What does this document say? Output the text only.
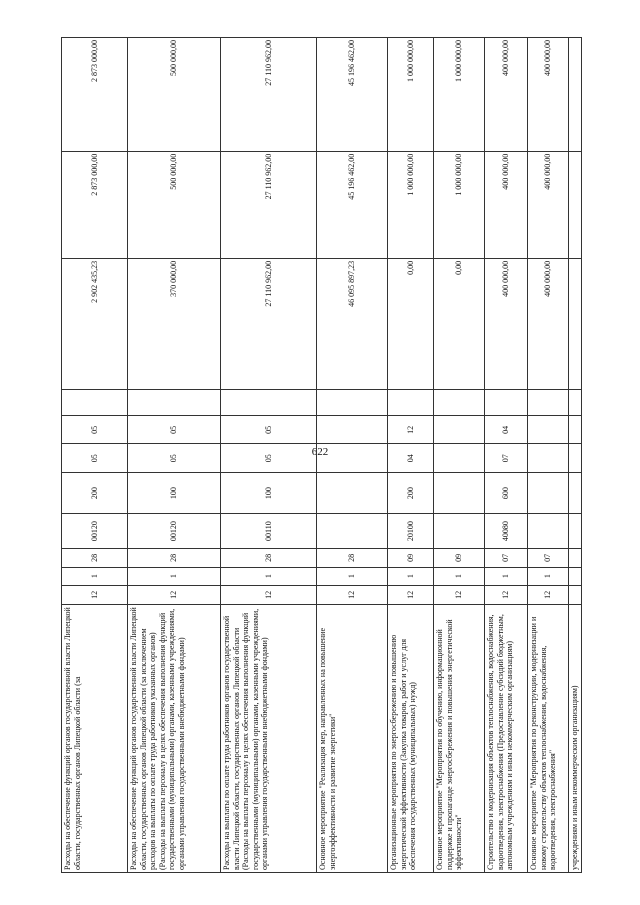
622
Расходы на обеспечение функций органов государственной власти Липецкой области, государственных органов Липецкой области (за	12	1	28	00120	200	05	05		2 902 435,23	2 873 000,00	2 873 000,00
Расходы на обеспечение функций органов государственной власти Липецкой области, государственных органов Липецкой области (за исключением расходов на выплаты по оплате труда работников указанных органов) (Расходы на выплаты персоналу в целях обеспечения выполнения функций государственными (муниципальными) органами, казенными учреждениями, органами управления государственными внебюджетными фондами)	12	1	28	00120	100	05	05		370 000,00	500 000,00	500 000,00
Расходы на выплаты по оплате труда работников органов государственной власти Липецкой области, государственных органов Липецкой области (Расходы на выплаты персоналу в целях обеспечения выполнения функций государственными (муниципальными) органами, казенными учреждениями, органами управления государственными внебюджетными фондами)	12	1	28	00110	100	05	05		27 110 962,00	27 110 962,00	27 110 962,00
Основное мероприятие "Реализация мер, направленных на повышение энергоэффективности и развитие энергетики"	12	1	28						46 095 897,23	45 196 462,00	45 196 462,00
Организационные мероприятия по энергосбережению и повышению энергетической эффективности (Закупка товаров, работ и услуг для обеспечения государственных (муниципальных) нужд)	12	1	09	20100	200	04	12		0,00	1 000 000,00	1 000 000,00
Основное мероприятие "Мероприятия по обучению, информационной поддержке и пропаганде энергосбережения и повышения энергетической эффективности"	12	1	09						0,00	1 000 000,00	1 000 000,00
Строительство и модернизация объектов теплоснабжения, водоснабжения, водоотведения, электроснабжения (Предоставление субсидий бюджетным, автономным учреждениям и иным некоммерческим организациям)	12	1	07	40080	600	07	04		400 000,00	400 000,00	400 000,00
Основное мероприятие "Мероприятия по реконструкции, модернизации и новому строительству объектов теплоснабжения, водоснабжения, водоотведения, электроснабжения"	12	1	07						400 000,00	400 000,00	400 000,00
учреждениям и иным некоммерческим организациям)											
